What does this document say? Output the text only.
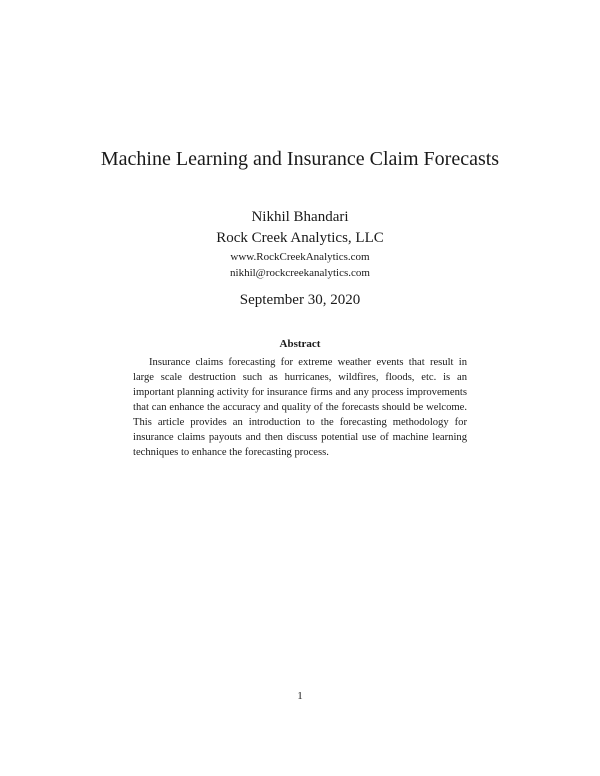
Machine Learning and Insurance Claim Forecasts
Nikhil Bhandari
Rock Creek Analytics, LLC
www.RockCreekAnalytics.com
nikhil@rockcreekanalytics.com
September 30, 2020
Abstract

Insurance claims forecasting for extreme weather events that result in large scale destruction such as hurricanes, wildfires, floods, etc. is an important planning activity for insurance firms and any process improvements that can enhance the accuracy and quality of the forecasts should be welcome. This article provides an introduction to the forecasting methodology for insurance claims payouts and then discuss potential use of machine learning techniques to enhance the forecasting process.

1
